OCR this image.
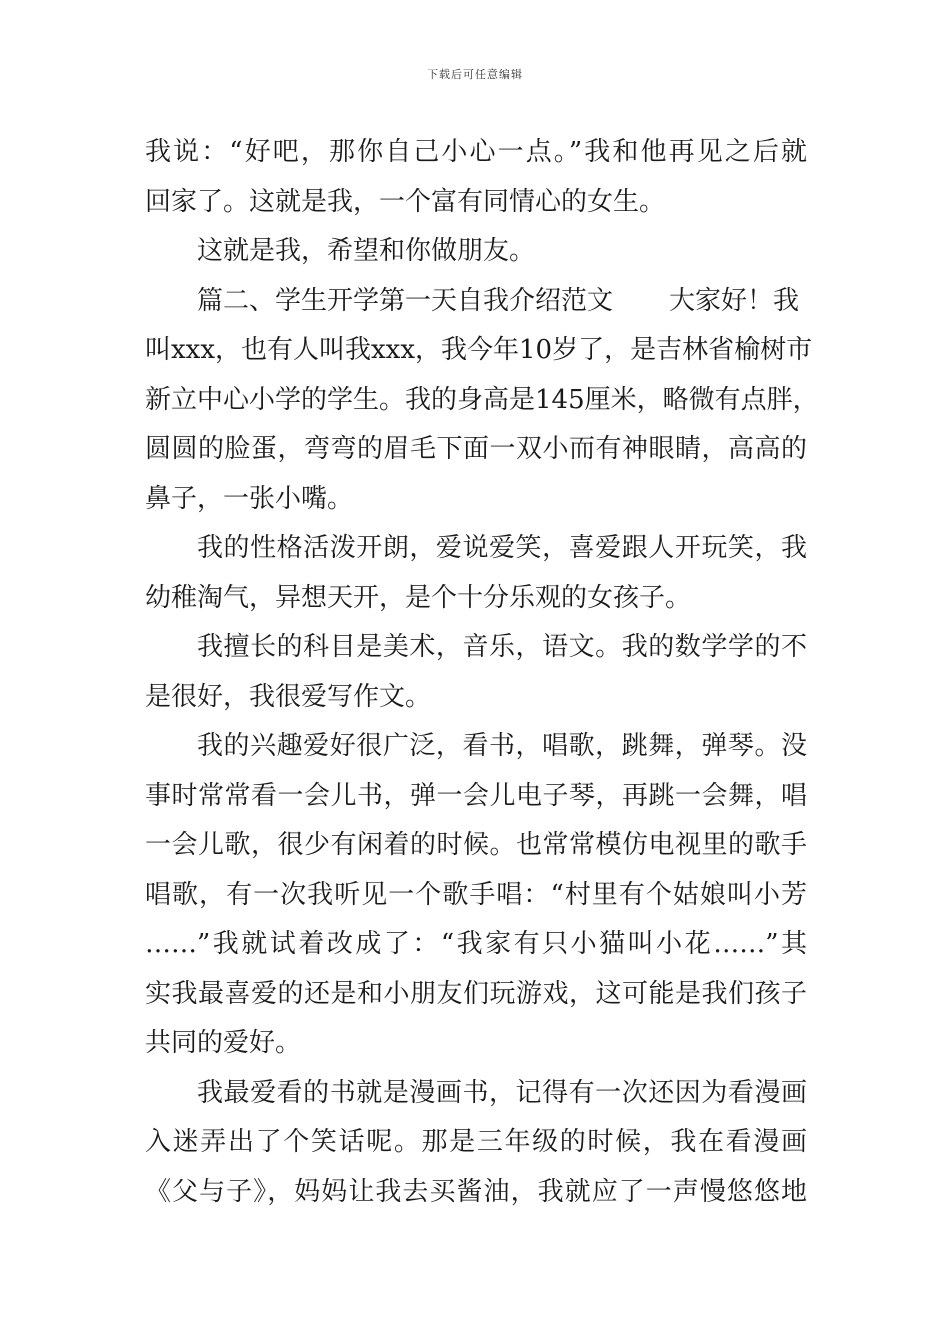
下载后可任意编辑
我说：“好吧，那你自己小心一点。”我和他再见之后就
回家了。这就是我，一个富有同情心的女生。
这就是我，希望和你做朋友。
篇二、学生开学第一天自我介绍范文 大家好！我
叫xxx，也有人叫我xxx，我今年10岁了，是吉林省榆树市
新立中心小学的学生。我的身高是145厘米，略微有点胖，
圆圆的脸蛋，弯弯的眉毛下面一双小而有神眼睛，高高的
鼻子，一张小嘴。
我的性格活泼开朗，爱说爱笑，喜爱跟人开玩笑，我
幼稚淘气，异想天开，是个十分乐观的女孩子。
我擅长的科目是美术，音乐，语文。我的数学学的不
是很好，我很爱写作文。
我的兴趣爱好很广泛，看书，唱歌，跳舞，弹琴。没
事时常常看一会儿书，弹一会儿电子琴，再跳一会舞，唱
一会儿歌，很少有闲着的时候。也常常模仿电视里的歌手
唱歌，有一次我听见一个歌手唱：“村里有个姑娘叫小芳
……”我就试着改成了：“我家有只小猫叫小花……”其
实我最喜爱的还是和小朋友们玩游戏，这可能是我们孩子
共同的爱好。
我最爱看的书就是漫画书，记得有一次还因为看漫画
入迷弄出了个笑话呢。那是三年级的时候，我在看漫画
《父与子》，妈妈让我去买酱油，我就应了一声慢悠悠地
